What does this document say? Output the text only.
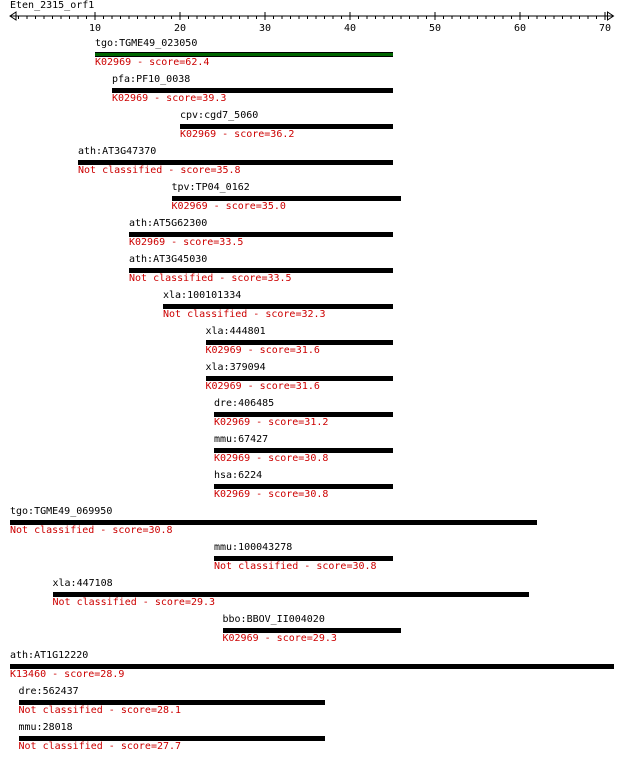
Eten_2315_orf1
10	20	30	40	50	60	70
tgo:TGME49_023050
K02969 - score=62.4
pfa:PF10_0038
K02969 - score=39.3
cpv:cgd7_5060
K02969 - score=36.2
ath:AT3G47370
Not classified - score=35.8
tpv:TP04_0162
K02969 - score=35.0
ath:AT5G62300
K02969 - score=33.5
ath:AT3G45030
Not classified - score=33.5
xla:100101334
Not classified - score=32.3
xla:444801
K02969 - score=31.6
xla:379094
K02969 - score=31.6
dre:406485
K02969 - score=31.2
mmu:67427
K02969 - score=30.8
hsa:6224
K02969 - score=30.8
tgo:TGME49_069950
Not classified - score=30.8
mmu:100043278
Not classified - score=30.8
xla:447108
Not classified - score=29.3
bbo:BBOV_II004020
K02969 - score=29.3
ath:AT1G12220
K13460 - score=28.9
dre:562437
Not classified - score=28.1
mmu:28018
Not classified - score=27.7
